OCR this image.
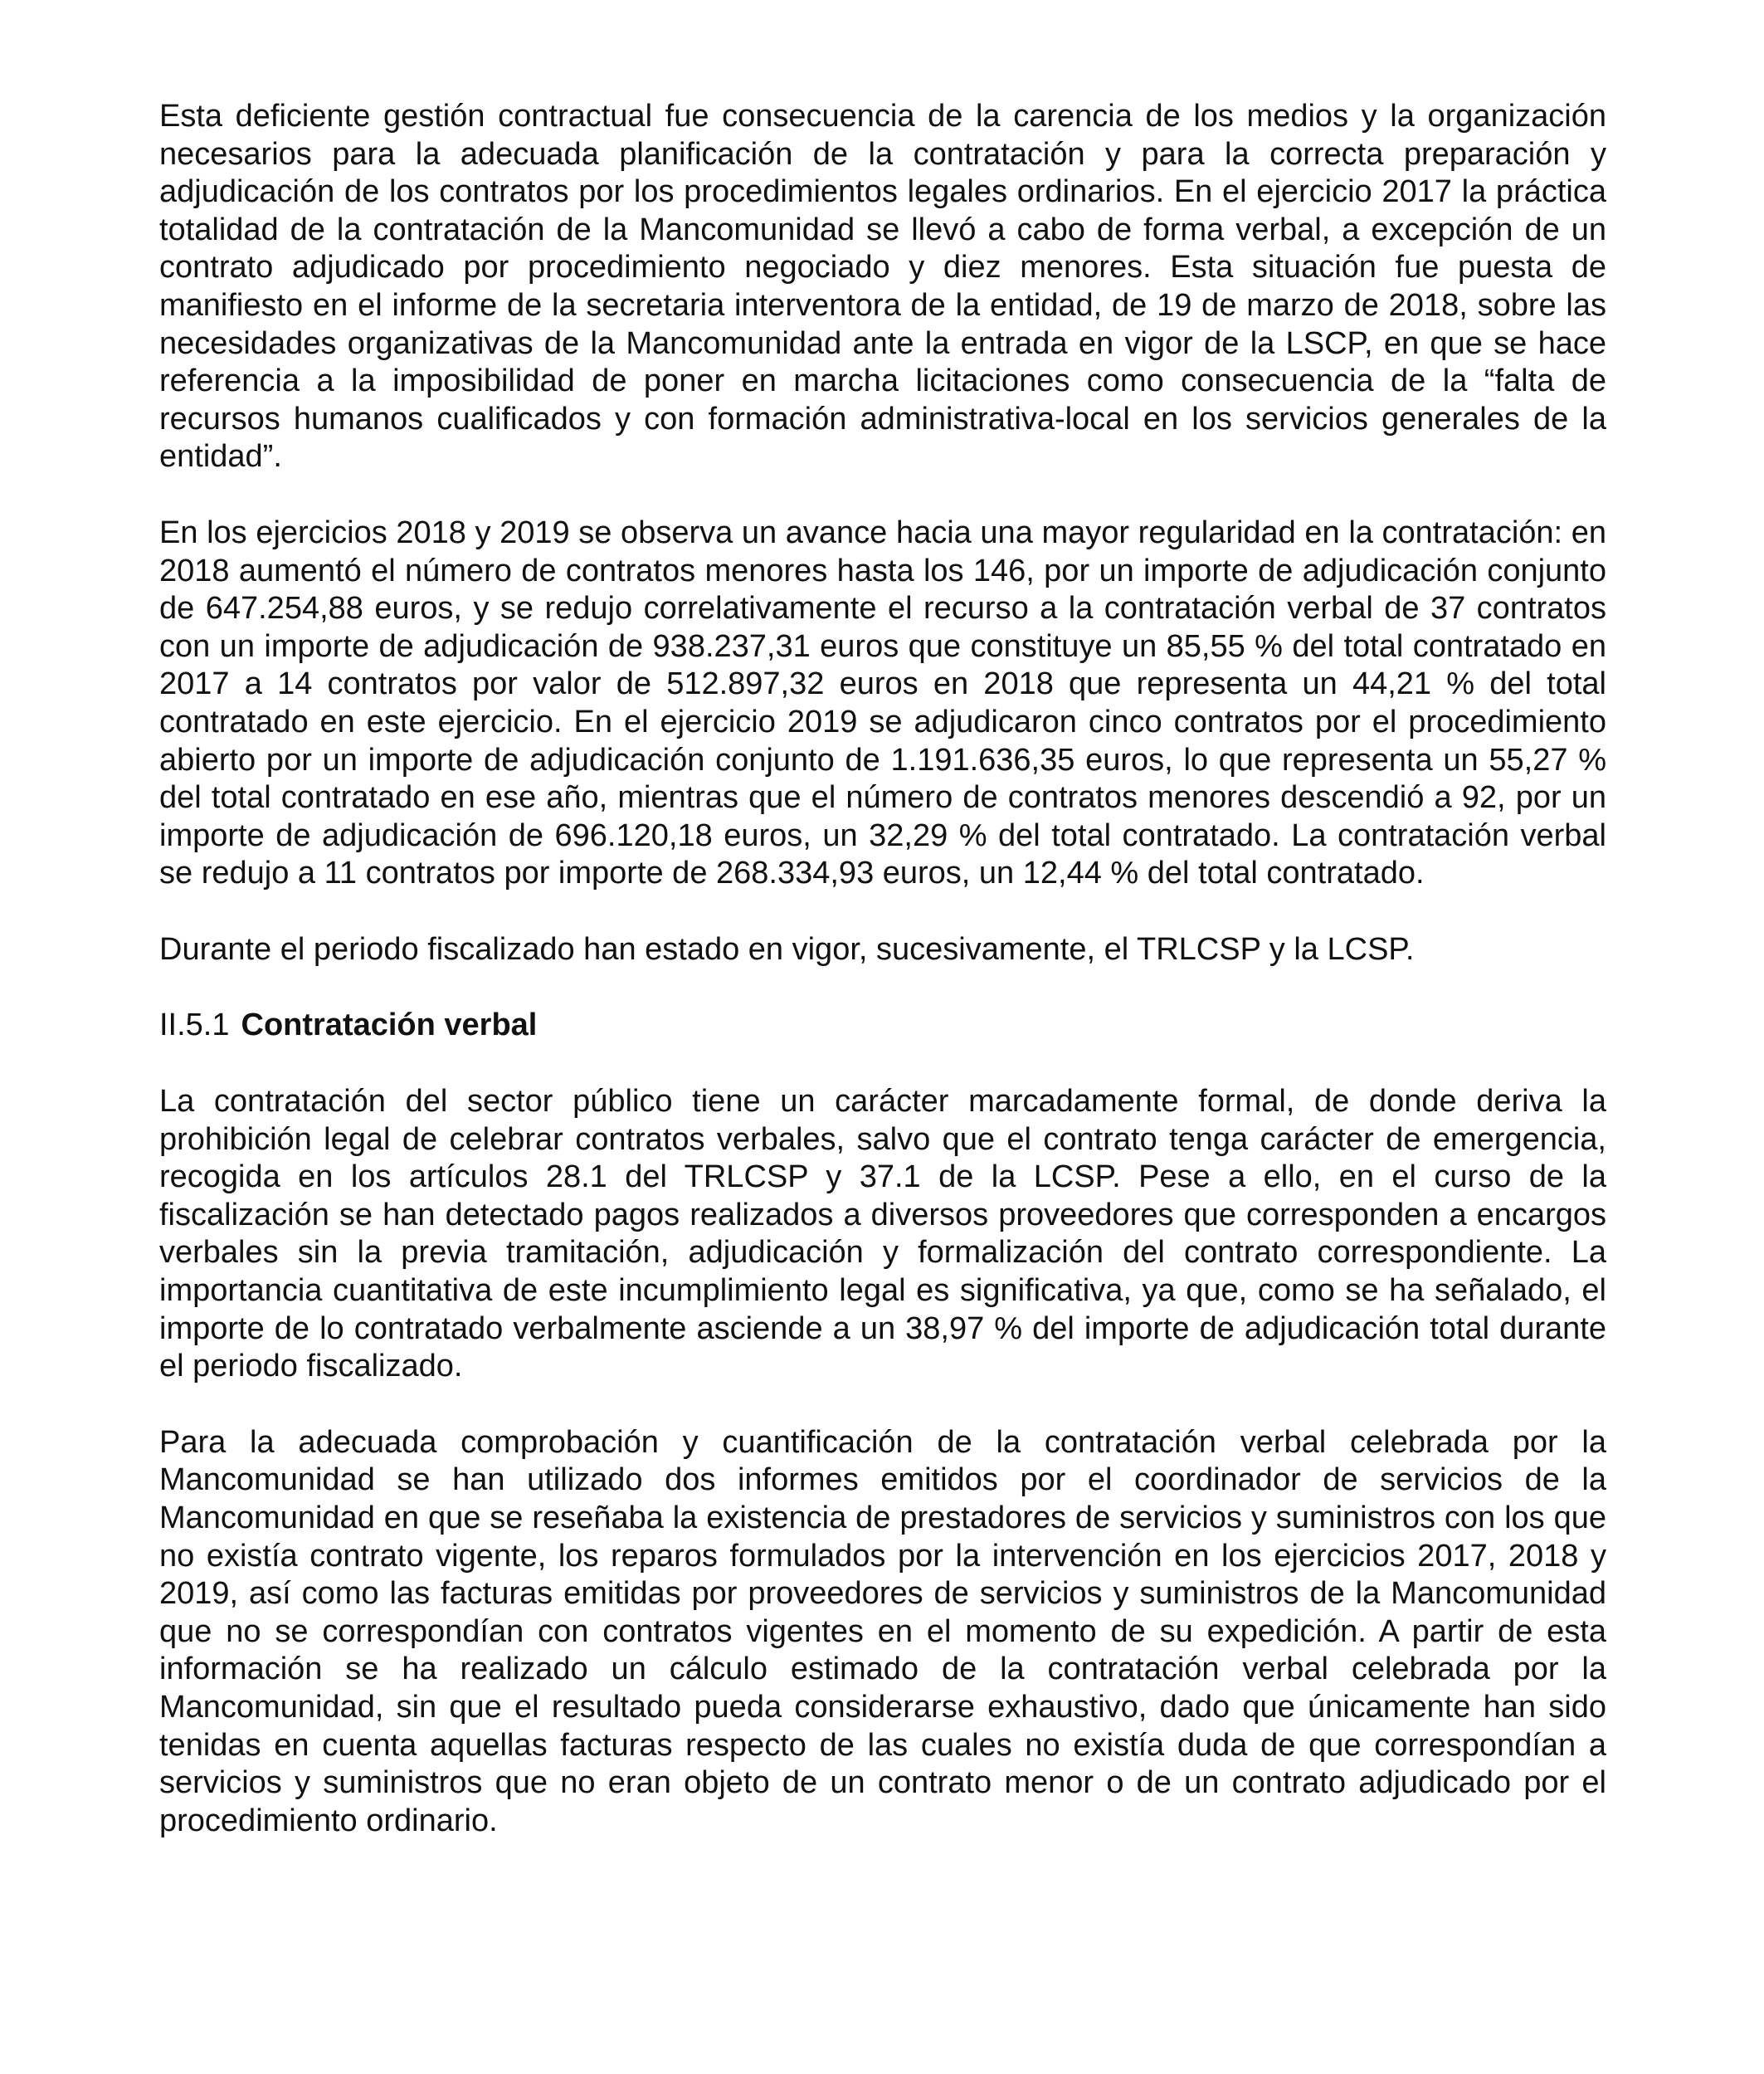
Esta deficiente gestión contractual fue consecuencia de la carencia de los medios y la organización necesarios para la adecuada planificación de la contratación y para la correcta preparación y adjudicación de los contratos por los procedimientos legales ordinarios. En el ejercicio 2017 la práctica totalidad de la contratación de la Mancomunidad se llevó a cabo de forma verbal, a excepción de un contrato adjudicado por procedimiento negociado y diez menores. Esta situación fue puesta de manifiesto en el informe de la secretaria interventora de la entidad, de 19 de marzo de 2018, sobre las necesidades organizativas de la Mancomunidad ante la entrada en vigor de la LSCP, en que se hace referencia a la imposibilidad de poner en marcha licitaciones como consecuencia de la “falta de recursos humanos cualificados y con formación administrativa-local en los servicios generales de la entidad”.

En los ejercicios 2018 y 2019 se observa un avance hacia una mayor regularidad en la contratación: en 2018 aumentó el número de contratos menores hasta los 146, por un importe de adjudicación conjunto de 647.254,88 euros, y se redujo correlativamente el recurso a la contratación verbal de 37 contratos con un importe de adjudicación de 938.237,31 euros que constituye un 85,55 % del total contratado en 2017 a 14 contratos por valor de 512.897,32 euros en 2018 que representa un 44,21 % del total contratado en este ejercicio. En el ejercicio 2019 se adjudicaron cinco contratos por el procedimiento abierto por un importe de adjudicación conjunto de 1.191.636,35 euros, lo que representa un 55,27 % del total contratado en ese año, mientras que el número de contratos menores descendió a 92, por un importe de adjudicación de 696.120,18 euros, un 32,29 % del total contratado. La contratación verbal se redujo a 11 contratos por importe de 268.334,93 euros, un 12,44 % del total contratado.

Durante el periodo fiscalizado han estado en vigor, sucesivamente, el TRLCSP y la LCSP.

II.5.1 Contratación verbal

La contratación del sector público tiene un carácter marcadamente formal, de donde deriva la prohibición legal de celebrar contratos verbales, salvo que el contrato tenga carácter de emergencia, recogida en los artículos 28.1 del TRLCSP y 37.1 de la LCSP. Pese a ello, en el curso de la fiscalización se han detectado pagos realizados a diversos proveedores que corresponden a encargos verbales sin la previa tramitación, adjudicación y formalización del contrato correspondiente. La importancia cuantitativa de este incumplimiento legal es significativa, ya que, como se ha señalado, el importe de lo contratado verbalmente asciende a un 38,97 % del importe de adjudicación total durante el periodo fiscalizado.

Para la adecuada comprobación y cuantificación de la contratación verbal celebrada por la Mancomunidad se han utilizado dos informes emitidos por el coordinador de servicios de la Mancomunidad en que se reseñaba la existencia de prestadores de servicios y suministros con los que no existía contrato vigente, los reparos formulados por la intervención en los ejercicios 2017, 2018 y 2019, así como las facturas emitidas por proveedores de servicios y suministros de la Mancomunidad que no se correspondían con contratos vigentes en el momento de su expedición. A partir de esta información se ha realizado un cálculo estimado de la contratación verbal celebrada por la Mancomunidad, sin que el resultado pueda considerarse exhaustivo, dado que únicamente han sido tenidas en cuenta aquellas facturas respecto de las cuales no existía duda de que correspondían a servicios y suministros que no eran objeto de un contrato menor o de un contrato adjudicado por el procedimiento ordinario.
